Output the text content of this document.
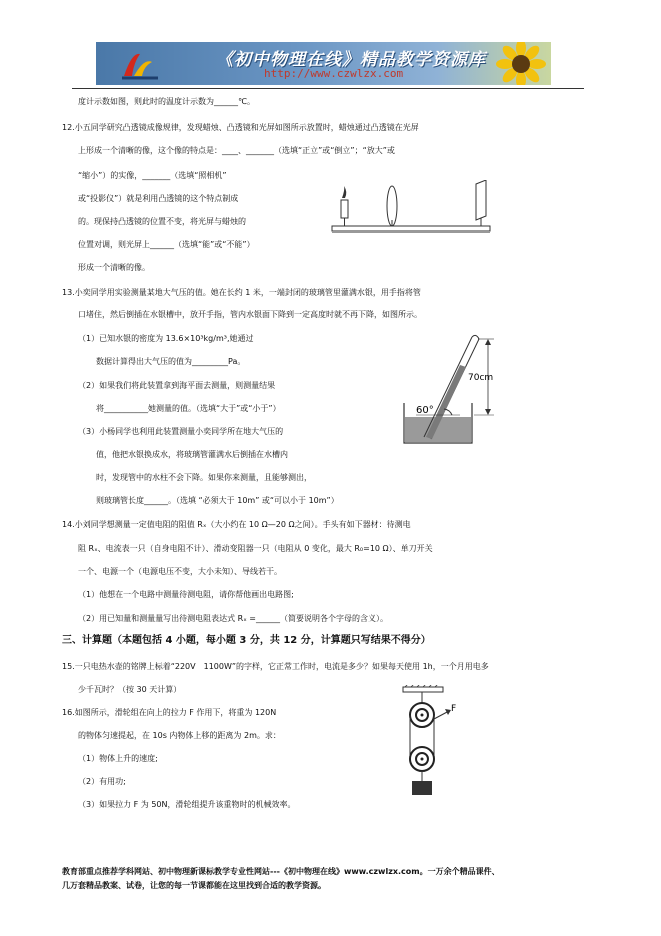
《初中物理在线》精品教学资源库
http://www.czwlzx.com
度计示数如图，则此时的温度计示数为______℃。
12.小五同学研究凸透镜成像规律，发现蜡烛、凸透镜和光屏如图所示放置时，蜡烛通过凸透镜在光屏
上形成一个清晰的像，这个像的特点是：____、_______（选填“正立”或“倒立”；“放大”或
“缩小”）的实像，_______（选填“照相机”
或“投影仪”）就是利用凸透镜的这个特点制成
的。现保持凸透镜的位置不变，将光屏与蜡烛的
位置对调，则光屏上______（选填“能”或“不能”）
形成一个清晰的像。
13.小奕同学用实验测量某地大气压的值。她在长约 1 米，一端封闭的玻璃管里灌满水银，用手指将管
口堵住，然后倒插在水银槽中，放开手指，管内水银面下降到一定高度时就不再下降，如图所示。
（1）已知水银的密度为 13.6×10³kg/m³,她通过
数据计算得出大气压的值为_________Pa。
（2）如果我们将此装置拿到海平面去测量，则测量结果
将___________她测量的值。（选填“大于”或“小于”）
（3）小杨同学也利用此装置测量小奕同学所在地大气压的
值，他把水银换成水，将玻璃管灌满水后倒插在水槽内
时，发现管中的水柱不会下降。如果你来测量，且能够测出，
则玻璃管长度______。（选填 “必须大于 10m” 或“可以小于 10m”）
60°
70cm
14.小刘同学想测量一定值电阻的阻值 Rₓ（大小约在 10 Ω—20 Ω之间）。手头有如下器材：待测电
阻 Rₓ、电流表一只（自身电阻不计）、滑动变阻器一只（电阻从 0 变化，最大 R₀=10 Ω）、单刀开关
一个、电源一个（电源电压不变，大小未知）、导线若干。
（1）他想在一个电路中测量待测电阻，请你帮他画出电路图;
（2）用已知量和测量量写出待测电阻表达式 Rₓ =______（简要说明各个字母的含义）。
三、计算题（本题包括 4 小题，每小题 3 分，共 12 分，计算题只写结果不得分）
15.一只电热水壶的铭牌上标着“220V　1100W”的字样，它正常工作时，电流是多少？如果每天使用 1h，一个月用电多
少千瓦时？（按 30 天计算）
16.如图所示，滑轮组在向上的拉力 F 作用下，将重为 120N
的物体匀速提起，在 10s 内物体上移的距离为 2m。求：
（1）物体上升的速度;
（2）有用功;
（3）如果拉力 F 为 50N，滑轮组提升该重物时的机械效率。
F
教育部重点推荐学科网站、初中物理新课标教学专业性网站---《初中物理在线》www.czwlzx.com。一万余个精品课件、
几万套精品教案、试卷，让您的每一节课都能在这里找到合适的教学资源。
